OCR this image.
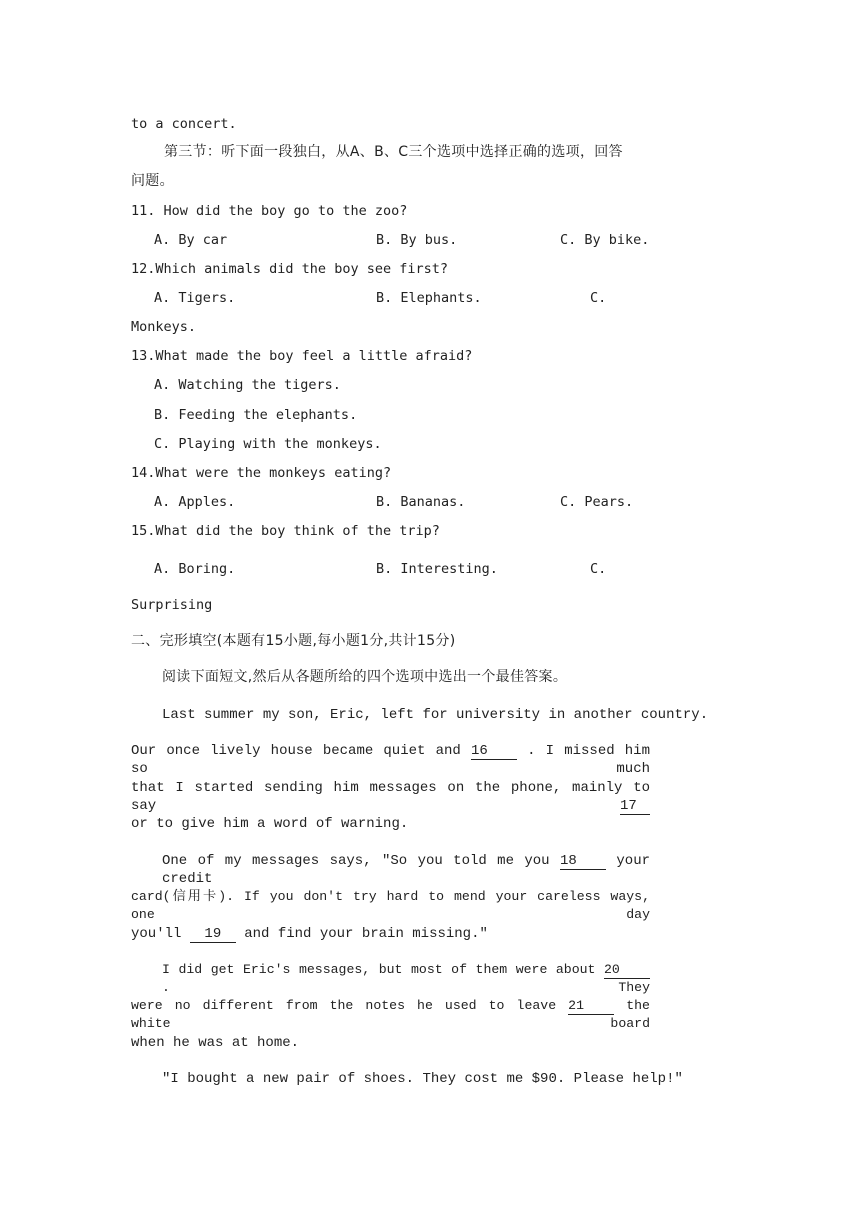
to a concert.
第三节：听下面一段独白，从A、B、C三个选项中选择正确的选项，回答
问题。
11. How did the boy go to the zoo?
A. By car	B. By bus.	C. By bike.
12.Which animals did the boy see first?
A. Tigers.	B. Elephants.	C.
Monkeys.
13.What made the boy feel a little afraid?
A. Watching the tigers.
B. Feeding the elephants.
C. Playing with the monkeys.
14.What were the monkeys eating?
A. Apples.	B. Bananas.	C. Pears.
15.What did the boy think of the trip?
A. Boring.	B. Interesting.	C.
Surprising
二、完形填空(本题有15小题,每小题1分,共计15分)
阅读下面短文,然后从各题所给的四个选项中选出一个最佳答案。
Last summer my son, Eric, left for university in another country.
Our once lively house became quiet and 16	. I missed him so much
that I started sending him messages on the phone, mainly to say	17
or to give him a word of warning.
One of my messages says, "So you told me you 18	your credit
card(信用卡). If you don't try hard to mend your careless ways, one day
you'll 19 and find your brain missing."
I did get Eric's messages, but most of them were about 20 . They
were no different from the notes he used to leave 21	the white board
when he was at home.
"I bought a new pair of shoes. They cost me $90. Please help!"
